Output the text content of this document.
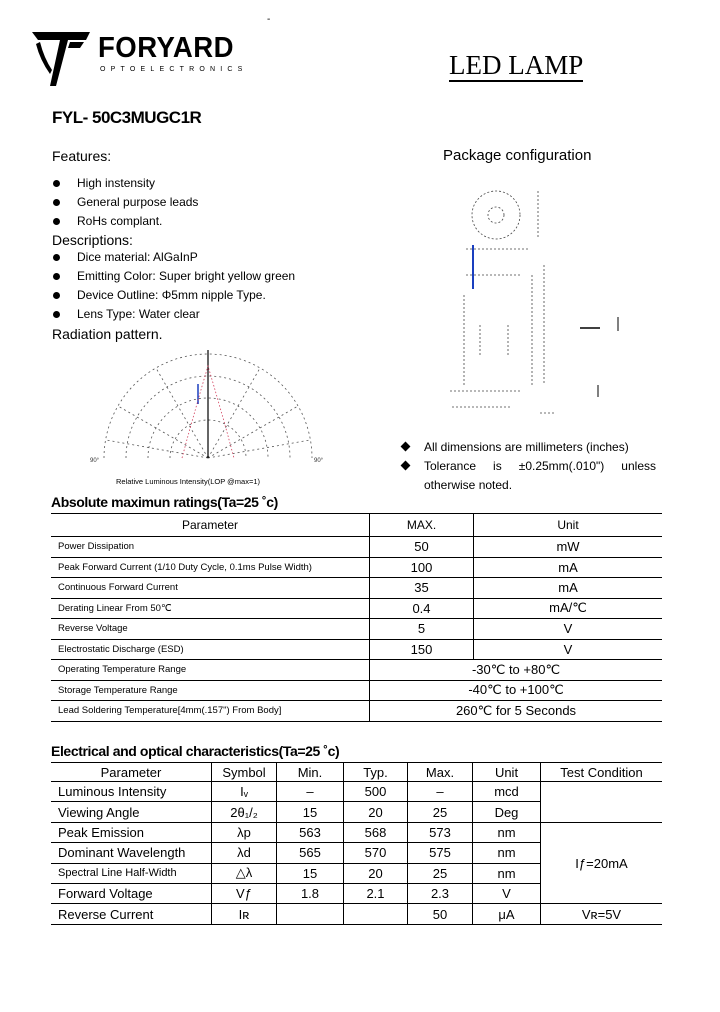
FORYARD
OPTOELECTRONICS
-
LED LAMP
FYL- 50C3MUGC1R
Features:
High instensity
General purpose leads
RoHs complant.
Descriptions:
Dice material: AlGaInP
Emitting Color: Super bright yellow green
Device Outline: Φ5mm nipple Type.
Lens Type: Water clear
Radiation pattern.
90°	90°
Relative Luminous Intensity(LOP @max=1)
Package configuration
All dimensions are millimeters (inches)
Tolerance is ±0.25mm(.010") unless otherwise noted.
Absolute maximun ratings(Ta=25 ˚c)
Parameter	MAX.	Unit
Power Dissipation	50	mW
Peak Forward Current (1/10 Duty Cycle, 0.1ms Pulse Width)	100	mA
Continuous Forward Current	35	mA
Derating Linear From 50℃	0.4	mA/℃
Reverse Voltage	5	V
Electrostatic Discharge (ESD)	150	V
Operating Temperature Range	-30℃ to +80℃	
Storage Temperature Range	-40℃ to +100℃	
Lead Soldering Temperature[4mm(.157") From Body]	260℃ for 5 Seconds	
Electrical and optical characteristics(Ta=25 ˚c)
Parameter	Symbol	Min.	Typ.	Max.	Unit	Test Condition
Luminous Intensity	Iᵥ	–	500	–	mcd	
Viewing Angle	2θ₁/₂	15	20	25	Deg	
Peak Emission	λp	563	568	573	nm	Iƒ=20mA
Dominant Wavelength	λd	565	570	575	nm	
Spectral Line Half-Width	△λ	15	20	25	nm	
Forward Voltage	Vƒ	1.8	2.1	2.3	V	
Reverse Current	Iʀ			50	μA	Vʀ=5V
